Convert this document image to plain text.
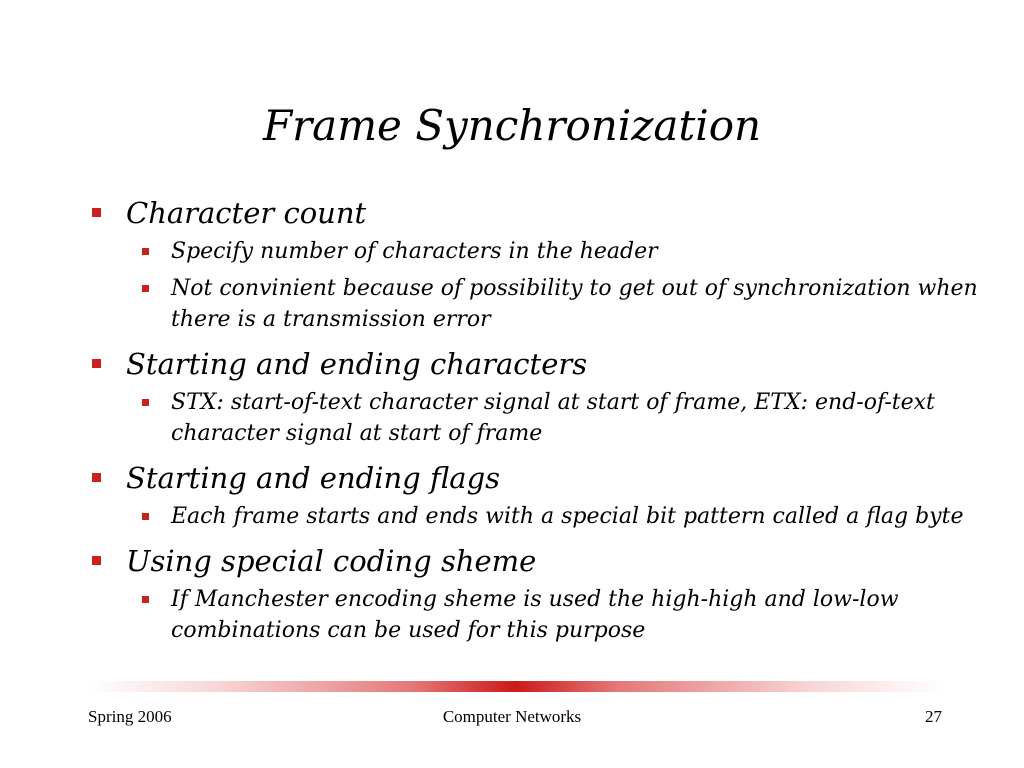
Frame Synchronization
Character count
Specify number of characters in the header
Not convinient because of possibility to get out of synchronization when there is a transmission error
Starting and ending characters
STX: start-of-text character signal at start of frame, ETX: end-of-text character signal at start of frame
Starting and ending flags
Each frame starts and ends with a special bit pattern called a flag byte
Using special coding sheme
If Manchester encoding sheme is used the high-high and low-low combinations can be used for this purpose
Spring 2006	Computer Networks	27
